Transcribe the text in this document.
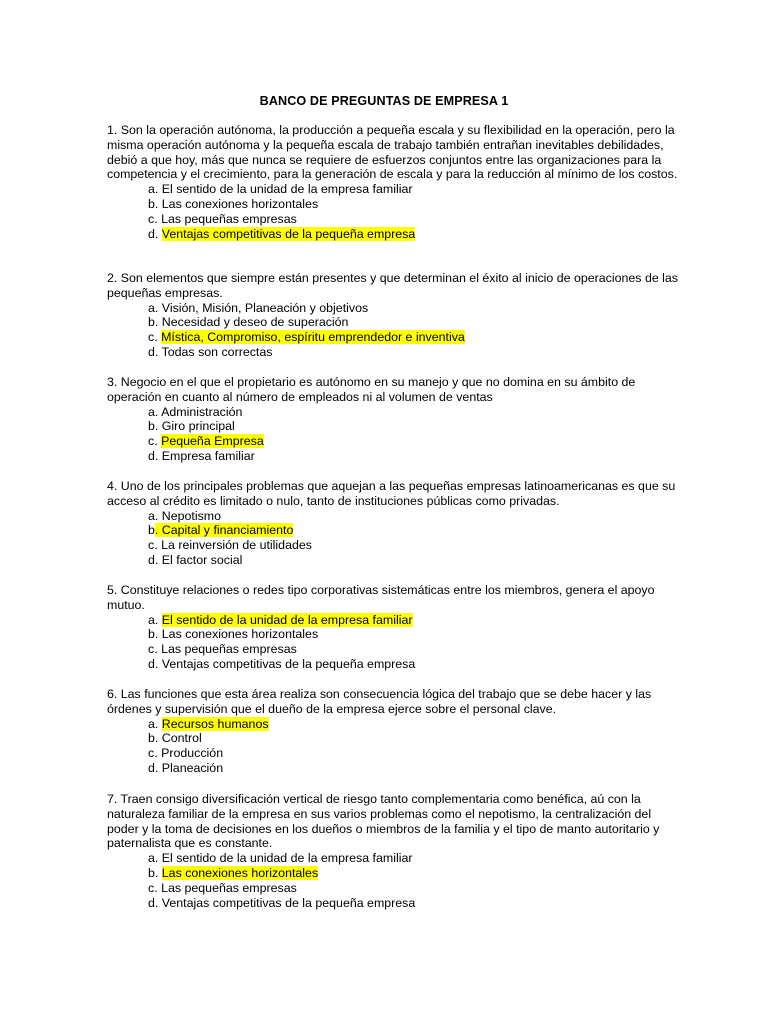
BANCO DE PREGUNTAS DE EMPRESA 1
1. Son la operación autónoma, la producción a pequeña escala y su flexibilidad en la operación, pero la misma operación autónoma y la pequeña escala de trabajo también entrañan inevitables debilidades, debió a que hoy, más que nunca se requiere de esfuerzos conjuntos entre las organizaciones para la competencia y el crecimiento, para la generación de escala y para la reducción al mínimo de los costos.
a. El sentido de la unidad de la empresa familiar
b. Las conexiones horizontales
c. Las pequeñas empresas
d. Ventajas competitivas de la pequeña empresa
2. Son elementos que siempre están presentes y que determinan el éxito al inicio de operaciones de las pequeñas empresas.
a. Visión, Misión, Planeación y objetivos
b. Necesidad y deseo de superación
c. Mística, Compromiso, espíritu emprendedor e inventiva
d. Todas son correctas
3. Negocio en el que el propietario es autónomo en su manejo y que no domina en su ámbito de operación en cuanto al número de empleados ni al volumen de ventas
a. Administración
b. Giro principal
c. Pequeña Empresa
d. Empresa familiar
4. Uno de los principales problemas que aquejan a las pequeñas empresas latinoamericanas es que su acceso al crédito es limitado o nulo, tanto de instituciones públicas como privadas.
a. Nepotismo
b. Capital y financiamiento
c. La reinversión de utilidades
d. El factor social
5. Constituye relaciones o redes tipo corporativas sistemáticas entre los miembros, genera el apoyo mutuo.
a. El sentido de la unidad de la empresa familiar
b. Las conexiones horizontales
c. Las pequeñas empresas
d. Ventajas competitivas de la pequeña empresa
6. Las funciones que esta área realiza son consecuencia lógica del trabajo que se debe hacer y las órdenes y supervisión que el dueño de la empresa ejerce sobre el personal clave.
a. Recursos humanos
b. Control
c. Producción
d. Planeación
7. Traen consigo diversificación vertical de riesgo tanto complementaria como benéfica, aú con la naturaleza familiar de la empresa en sus varios problemas como el nepotismo, la centralización del poder y la toma de decisiones en los dueños o miembros de la familia y el tipo de manto autoritario y paternalista que es constante.
a. El sentido de la unidad de la empresa familiar
b. Las conexiones horizontales
c. Las pequeñas empresas
d. Ventajas competitivas de la pequeña empresa
